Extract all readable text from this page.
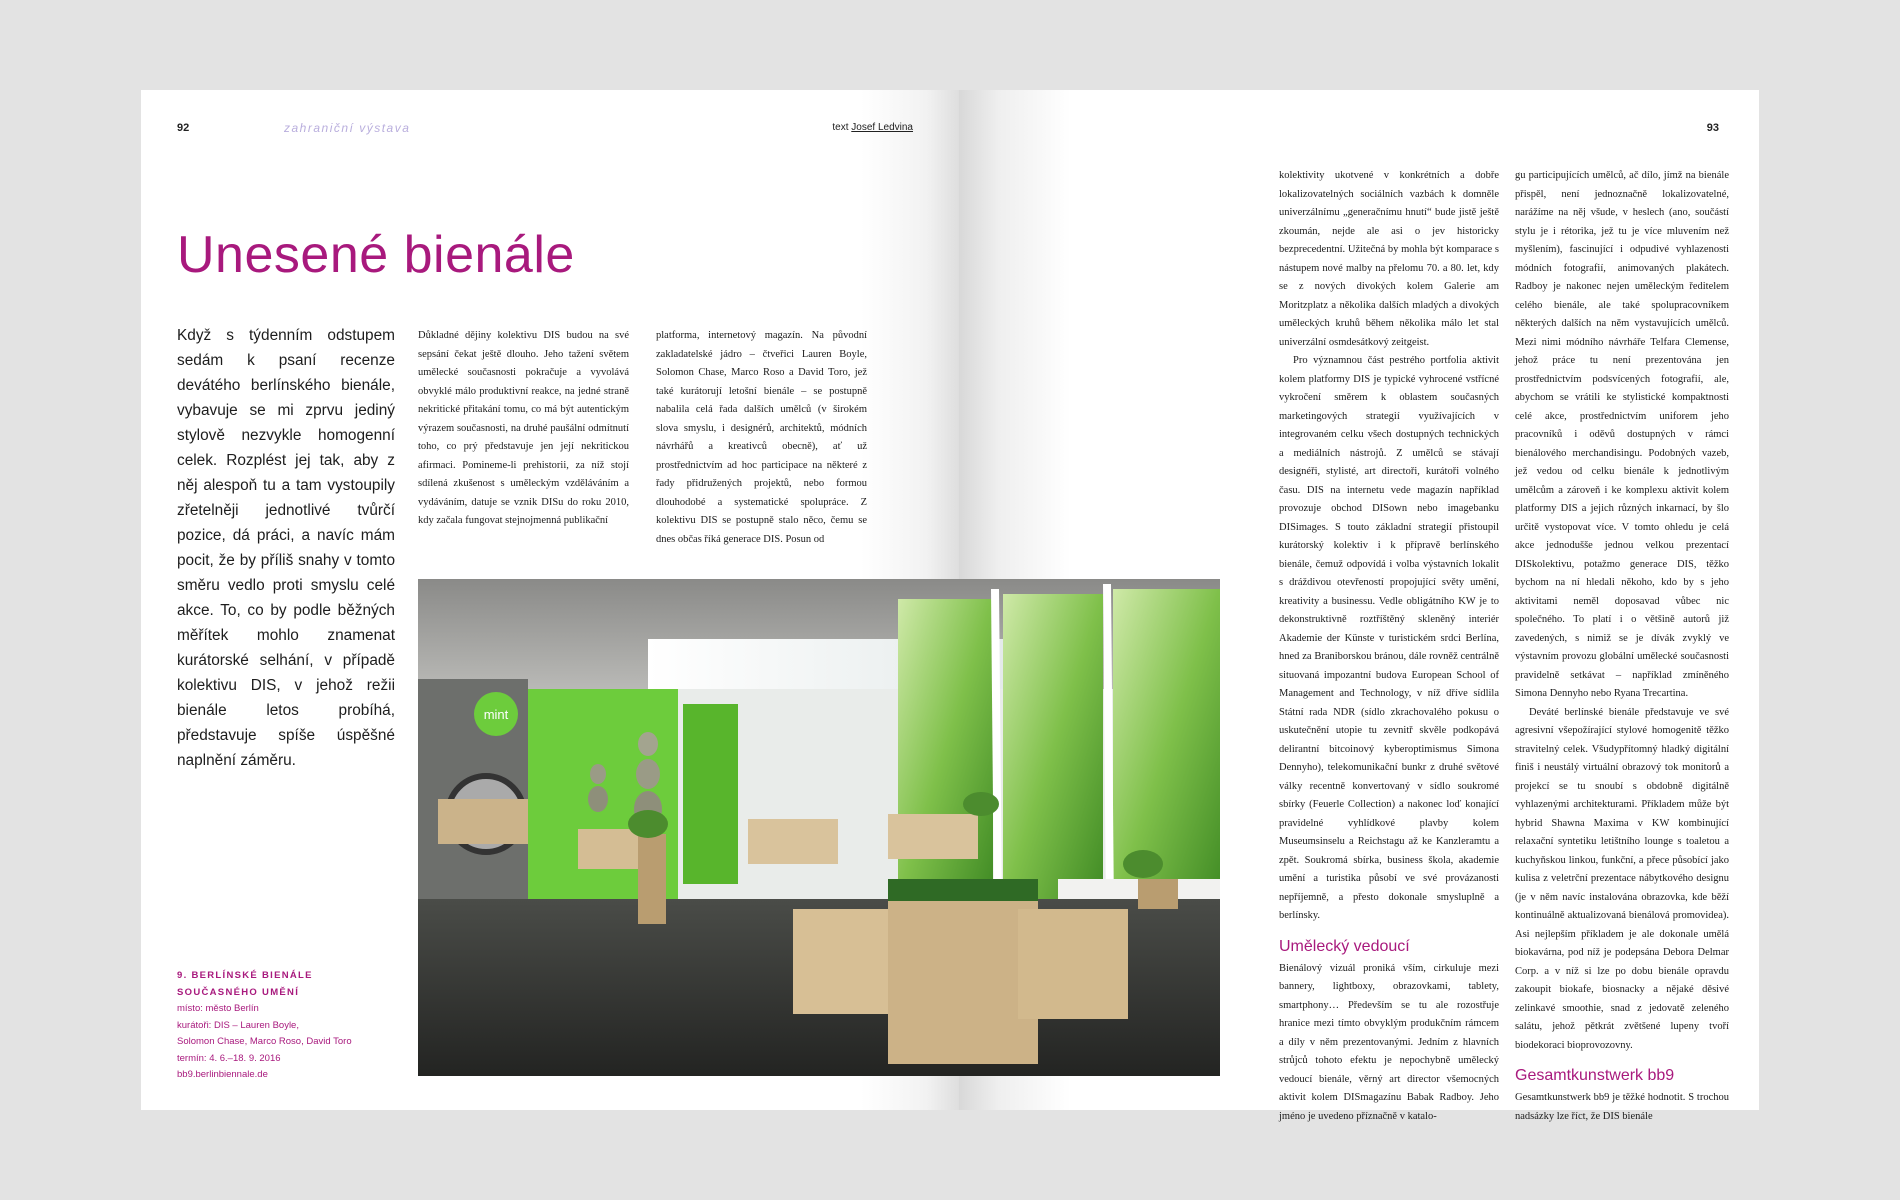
92	zahraniční výstava	text Josef Ledvina
Unesené bienále

Když s týdenním odstupem sedám k psaní recenze devátého berlínského bienále, vybavuje se mi zprvu jediný stylově nezvykle homogenní celek. Rozplést jej tak, aby z něj alespoň tu a tam vystoupily zřetelněji jednotlivé tvůrčí pozice, dá práci, a navíc mám pocit, že by příliš snahy v tomto směru vedlo proti smyslu celé akce. To, co by podle běžných měřítek mohlo znamenat kurátorské selhání, v případě kolektivu DIS, v jehož režii bienále letos probíhá, představuje spíše úspěšné naplnění záměru.

Důkladné dějiny kolektivu DIS budou na své sepsání čekat ještě dlouho. Jeho tažení světem umělecké současnosti pokračuje a vyvolává obvyklé málo produktivní reakce, na jedné straně nekritické přitakání tomu, co má být autentickým výrazem současnosti, na druhé paušální odmítnutí toho, co prý představuje jen její nekritickou afirmaci. Pomineme-li prehistorii, za níž stojí sdílená zkušenost s uměleckým vzděláváním a vydáváním, datuje se vznik DISu do roku 2010, kdy začala fungovat stejnojmenná publikační

platforma, internetový magazín. Na původní zakladatelské jádro – čtveřici Lauren Boyle, Solomon Chase, Marco Roso a David Toro, jež také kurátorují letošní bienále – se postupně nabalila celá řada dalších umělců (v širokém slova smyslu, i designérů, architektů, módních návrhářů a kreativců obecně), ať už prostřednictvím ad hoc participace na některé z řady přidružených projektů, nebo formou dlouhodobé a systematické spolupráce. Z kolektivu DIS se postupně stalo něco, čemu se dnes občas říká generace DIS. Posun od

9. BERLÍNSKÉ BIENÁLE
SOUČASNÉHO UMĚNÍ
místo: město Berlín
kurátoři: DIS – Lauren Boyle,
Solomon Chase, Marco Roso, David Toro
termín: 4. 6.–18. 9. 2016
bb9.berlinbiennale.de
93

kolektivity ukotvené v konkrétních a dobře lokalizovatelných sociálních vazbách k domněle univerzálnímu „generačnímu hnutí“ bude jistě ještě zkoumán, nejde ale asi o jev historicky bezprecedentní. Užitečná by mohla být komparace s nástupem nové malby na přelomu 70. a 80. let, kdy se z nových divokých kolem Galerie am Moritzplatz a několika dalších mladých a divokých uměleckých kruhů během několika málo let stal univerzální osmdesátkový zeitgeist.

Pro významnou část pestrého portfolia aktivit kolem platformy DIS je typické vyhrocené vstřícné vykročení směrem k oblastem současných marketingových strategií využívajících v integrovaném celku všech dostupných technických a mediálních nástrojů. Z umělců se stávají designéři, stylisté, art directoři, kurátoři volného času. DIS na internetu vede magazín například provozuje obchod DISown nebo imagebanku DISimages. S touto základní strategií přistoupil kurátorský kolektiv i k přípravě berlínského bienále, čemuž odpovídá i volba výstavních lokalit s dráždivou otevřeností propojující světy umění, kreativity a businessu. Vedle obligátního KW je to dekonstruktivně roztříštěný skleněný interiér Akademie der Künste v turistickém srdci Berlína, hned za Braniborskou bránou, dále rovněž centrálně situovaná impozantní budova European School of Management and Technology, v níž dříve sídlila Státní rada NDR (sídlo zkrachovalého pokusu o uskutečnění utopie tu zevnitř skvěle podkopává delirantní bitcoinový kyberoptimismus Simona Dennyho), telekomunikační bunkr z druhé světové války recentně konvertovaný v sídlo soukromé sbírky (Feuerle Collection) a nakonec loď konající pravidelné vyhlídkové plavby kolem Museumsinselu a Reichstagu až ke Kanzleramtu a zpět. Soukromá sbírka, business škola, akademie umění a turistika působí ve své provázanosti nepříjemně, a přesto dokonale smysluplně a berlínsky.

Umělecký vedoucí

Bienálový vizuál proniká vším, cirkuluje mezi bannery, lightboxy, obrazovkami, tablety, smartphony… Především se tu ale rozostřuje hranice mezi tímto obvyklým produkčním rámcem a díly v něm prezentovanými. Jedním z hlavních strůjců tohoto efektu je nepochybně umělecký vedoucí bienále, věrný art director všemocných aktivit kolem DISmagazínu Babak Radboy. Jeho jméno je uvedeno příznačně v katalo-

gu participujících umělců, ač dílo, jímž na bienále přispěl, není jednoznačně lokalizovatelné, narážíme na něj všude, v heslech (ano, součástí stylu je i rétorika, jež tu je více mluvením než myšlením), fascinující i odpudivé vyhlazenosti módních fotografií, animovaných plakátech. Radboy je nakonec nejen uměleckým ředitelem celého bienále, ale také spolupracovníkem některých dalších na něm vystavujících umělců. Mezi nimi módního návrháře Telfara Clemense, jehož práce tu není prezentována jen prostřednictvím podsvícených fotografií, ale, abychom se vrátili ke stylistické kompaktnosti celé akce, prostřednictvím uniforem jeho pracovníků i oděvů dostupných v rámci bienálového merchandisingu. Podobných vazeb, jež vedou od celku bienále k jednotlivým umělcům a zároveň i ke komplexu aktivit kolem platformy DIS a jejich různých inkarnací, by šlo určitě vystopovat více. V tomto ohledu je celá akce jednodušše jednou velkou prezentací DISkolektivu, potažmo generace DIS, těžko bychom na ní hledali někoho, kdo by s jeho aktivitami neměl doposavad vůbec nic společného. To platí i o většině autorů již zavedených, s nimiž se je dívák zvyklý ve výstavním provozu globální umělecké současnosti pravidelně setkávat – například zmíněného Simona Dennyho nebo Ryana Trecartina.

Deváté berlínské bienále představuje ve své agresivní všepožírající stylové homogenitě těžko stravitelný celek. Všudypřítomný hladký digitální finiš i neustálý virtuální obrazový tok monitorů a projekcí se tu snoubí s obdobně digitálně vyhlazenými architekturami. Příkladem může být hybrid Shawna Maxima v KW kombinující relaxační syntetiku letištního lounge s toaletou a kuchyňskou linkou, funkční, a přece působící jako kulisa z veletrční prezentace nábytkového designu (je v něm navíc instalována obrazovka, kde běží kontinuálně aktualizovaná bienálová promovidea). Asi nejlepším příkladem je ale dokonale umělá biokavárna, pod níž je podepsána Debora Delmar Corp. a v níž si lze po dobu bienále opravdu zakoupit biokafe, biosnacky a nějaké děsivé zelinkavé smoothie, snad z jedovatě zeleného salátu, jehož pětkrát zvětšené lupeny tvoří biodekoraci bioprovozovny.

Gesamtkunstwerk bb9

Gesamtkunstwerk bb9 je těžké hodnotit. S trochou nadsázky lze říct, že DIS bienále

mint
